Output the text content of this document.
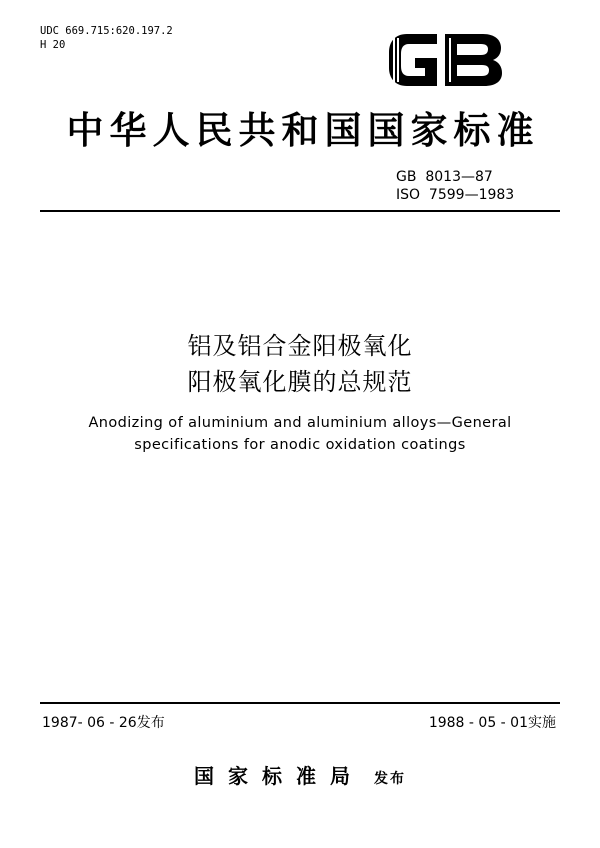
UDC 669.715:620.197.2
H 20
中华人民共和国国家标准
GB  8013—87
ISO  7599—1983
铝及铝合金阳极氧化
阳极氧化膜的总规范
Anodizing of aluminium and aluminium alloys—General
specifications for anodic oxidation coatings
1987- 06 - 26发布	1988 - 05 - 01实施
国家标准局 发布
